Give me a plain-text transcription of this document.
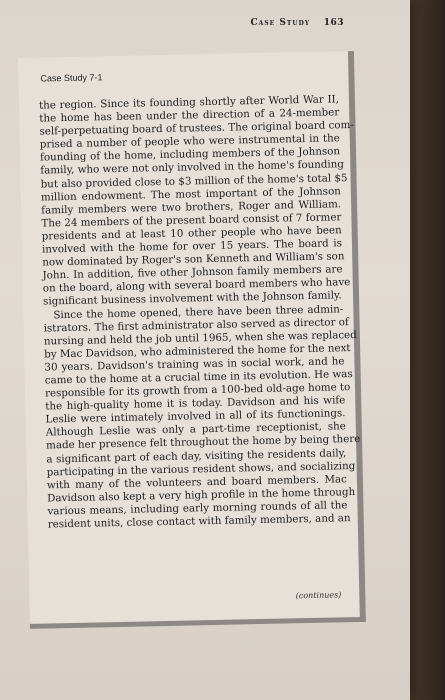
Case Study 163
Case Study 7-1

the region. Since its founding shortly after World War II,
the home has been under the direction of a 24-member
self-perpetuating board of trustees. The original board com-
prised a number of people who were instrumental in the
founding of the home, including members of the Johnson
family, who were not only involved in the home's founding
but also provided close to $3 million of the home's total $5
million endowment. The most important of the Johnson
family members were two brothers, Roger and William.
The 24 members of the present board consist of 7 former
presidents and at least 10 other people who have been
involved with the home for over 15 years. The board is
now dominated by Roger's son Kenneth and William's son
John. In addition, five other Johnson family members are
on the board, along with several board members who have
significant business involvement with the Johnson family.
Since the home opened, there have been three admin-
istrators. The first administrator also served as director of
nursing and held the job until 1965, when she was replaced
by Mac Davidson, who administered the home for the next
30 years. Davidson's training was in social work, and he
came to the home at a crucial time in its evolution. He was
responsible for its growth from a 100-bed old-age home to
the high-quality home it is today. Davidson and his wife
Leslie were intimately involved in all of its functionings.
Although Leslie was only a part-time receptionist, she
made her presence felt throughout the home by being there
a significant part of each day, visiting the residents daily,
participating in the various resident shows, and socializing
with many of the volunteers and board members. Mac
Davidson also kept a very high profile in the home through
various means, including early morning rounds of all the
resident units, close contact with family members, and an

(continues)
